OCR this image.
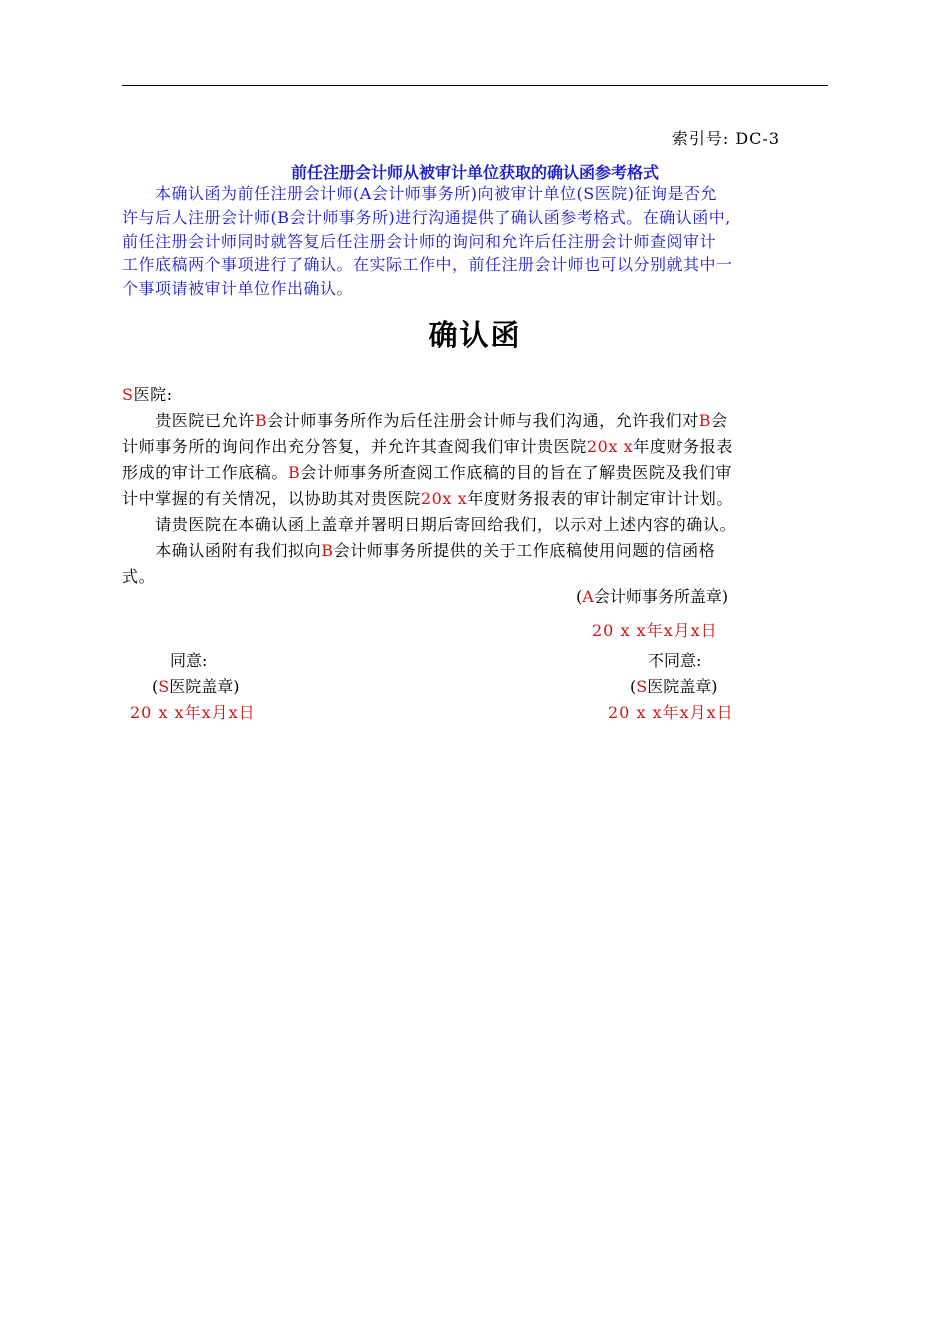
索引号: DC-3
前任注册会计师从被审计单位获取的确认函参考格式
　　本确认函为前任注册会计师(A会计师事务所)向被审计单位(S医院)征询是否允
许与后人注册会计师(B会计师事务所)进行沟通提供了确认函参考格式。在确认函中,
前任注册会计师同时就答复后任注册会计师的询问和允许后任注册会计师查阅审计
工作底稿两个事项进行了确认。在实际工作中，前任注册会计师也可以分别就其中一
个事项请被审计单位作出确认。
确认函
S医院:
　　贵医院已允许B会计师事务所作为后任注册会计师与我们沟通，允许我们对B会
计师事务所的询问作出充分答复，并允许其查阅我们审计贵医院20x x年度财务报表
形成的审计工作底稿。B会计师事务所查阅工作底稿的目的旨在了解贵医院及我们审
计中掌握的有关情况，以协助其对贵医院20x x年度财务报表的审计制定审计计划。
　　请贵医院在本确认函上盖章并署明日期后寄回给我们，以示对上述内容的确认。
　　本确认函附有我们拟向B会计师事务所提供的关于工作底稿使用问题的信函格
式。
(A会计师事务所盖章)
20 x x年x月x日
同意:
(S医院盖章)
20 x x年x月x日
不同意:
(S医院盖章)
20 x x年x月x日
